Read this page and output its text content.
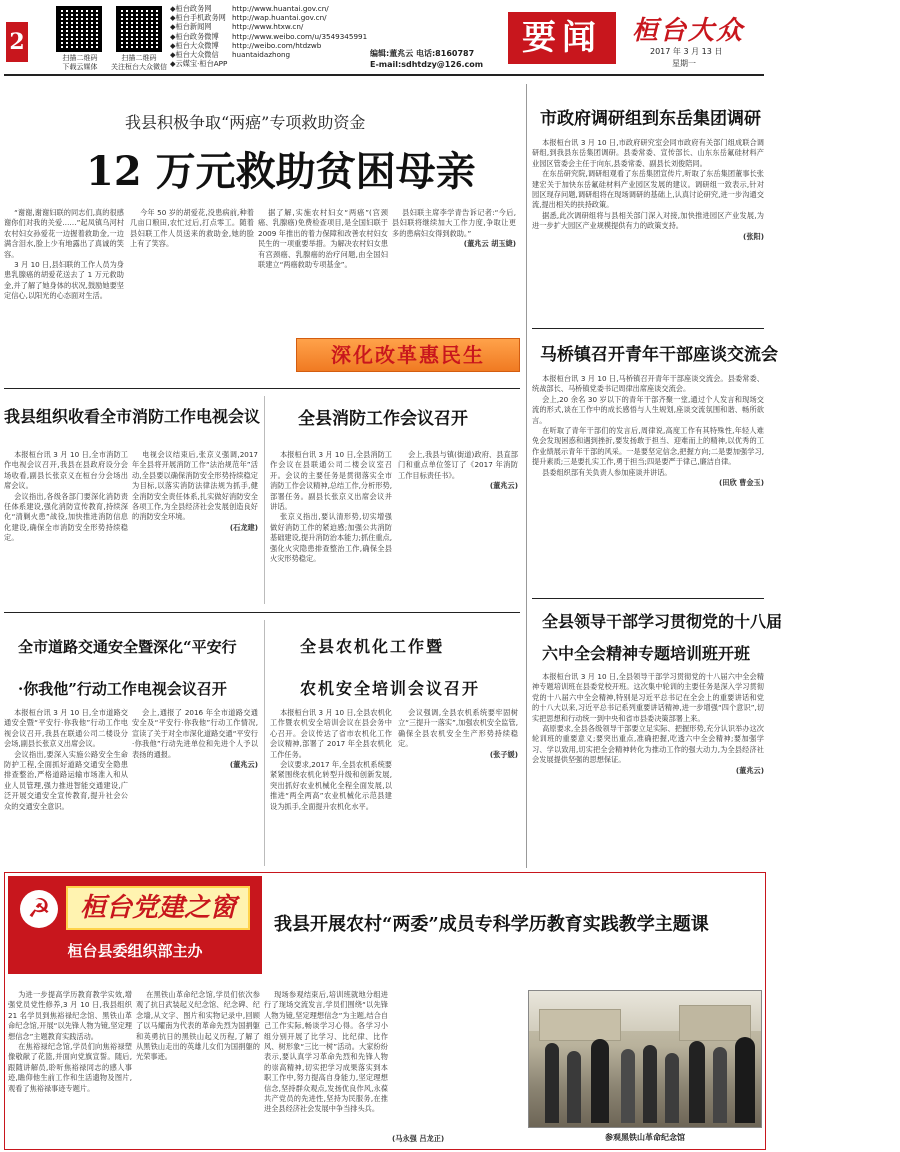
2
扫描二维码
下载云媒体
扫描二维码
关注桓台大众微信
◆桓台政务网	http://www.huantai.gov.cn/
◆桓台手机政务网 http://wap.huantai.gov.cn/
◆桓台新闻网	http://www.htxw.cn/
◆桓台政务微博	http://www.weibo.com/u/3549345991
◆桓台大众微博	http://weibo.com/htdzwb
◆桓台大众微信	huantaidazhong
◆云媒宝·桓台APP
编辑:董兆云 电话:8160787
E-mail:sdhtdzy@126.com
要闻	桓台大众
2017 年 3 月 13 日
星期一
我县积极争取“两癌”专项救助资金
12 万元救助贫困母亲

“谢谢,谢谢妇联的同志们,真的很感谢你们对我的关爱……”起凤镇乌河村农村妇女孙爱花一边握着救助金,一边满含泪水,脸上少有地露出了真诚的笑容。

3 月 10 日,县妇联的工作人员为身患乳腺癌的胡爱花送去了 1 万元救助金,并了解了她身体的状况,鼓励她要坚定信心,以阳光的心态面对生活。

今年 50 岁的胡爱花,没患病前,种着几亩口粮田,农忙过后,打点零工。随着县妇联工作人员送来的救助金,她的脸上有了笑容。

据了解,实施农村妇女“两癌”(宫颈癌、乳腺癌)免费检查项目,是全国妇联于 2009 年推出的着力保障和改善农村妇女民生的一项重要举措。为解决农村妇女患有宫颈癌、乳腺癌的治疗问题,由全国妇联建立“两癌救助专项基金”。

县妇联主席李学青告诉记者:“今后,县妇联将继续加大工作力度,争取让更多的患病妇女得到救助。”

(董兆云 胡玉婕)

深化改革惠民生
我县组织收看全市消防工作电视会议

本报桓台讯 3 月 10 日,全市消防工作电视会议召开,我县在县政府设分会场收看,副县长张京义在桓台分会场出席会议。

会议指出,各级各部门要深化消防责任体系建设,强化消防宣传教育,持续深化“清剿火患”战役,加快推进消防信息化建设,确保全市消防安全形势持续稳定。

电视会议结束后,张京义强调,2017 年全县将开展消防工作“法治规范年”活动,全县要以确保消防安全形势持续稳定为目标,以落实消防法律法规为抓手,健全消防安全责任体系,扎实做好消防安全各项工作,为全县经济社会发展创造良好的消防安全环境。

(石龙建)

全县消防工作会议召开

本报桓台讯 3 月 10 日,全县消防工作会议在县联通公司二楼会议室召开。会议的主要任务是贯彻落实全市消防工作会议精神,总结工作,分析形势,部署任务。副县长张京义出席会议并讲话。

张京义指出,要认清形势,切实增强做好消防工作的紧迫感;加强公共消防基础建设,提升消防治本能力;抓住重点,强化火灾隐患排查整治工作,确保全县火灾形势稳定。

会上,我县与镇(街道)政府、县直部门和重点单位签订了《2017 年消防工作目标责任书》。

(董兆云)

全市道路交通安全暨深化“平安行
·你我他”行动工作电视会议召开

本报桓台讯 3 月 10 日,全市道路交通安全暨“平安行·你我他”行动工作电视会议召开,我县在联通公司二楼设分会场,副县长张京义出席会议。

会议指出,要深入实施公路安全生命防护工程,全面抓好道路交通安全隐患排查整治,严格道路运输市场准入和从业人员管理,强力推进智能交通建设,广泛开展交通安全宣传教育,提升社会公众的交通安全意识。

会上,通报了 2016 年全市道路交通安全及“平安行·你我他”行动工作情况,宣读了关于对全市深化道路交通“平安行·你我他”行动先进单位和先进个人予以表扬的通报。

(董兆云)

全县农机化工作暨
农机安全培训会议召开

本报桓台讯 3 月 10 日,全县农机化工作暨农机安全培训会议在县会务中心召开。会议传达了省市农机化工作会议精神,部署了 2017 年全县农机化工作任务。

会议要求,2017 年,全县农机系统要紧紧围绕农机化转型升级和创新发展,突出抓好农业机械化全程全面发展,以推进“两全两高”农业机械化示范县建设为抓手,全面提升农机化水平。

会议强调,全县农机系统要牢固树立“三提升一落实”,加强农机安全监管,确保全县农机安全生产形势持续稳定。

(张子媛)

市政府调研组到东岳集团调研

本报桓台讯 3 月 10 日,市政府研究室会同市政府有关部门组成联合调研组,到我县东岳集团调研。县委常委、宣传部长、山东东岳氟硅材料产业园区管委会主任于向东,县委常委、副县长刘俊陪同。

在东岳研究院,调研组观看了东岳集团宣传片,听取了东岳集团董事长张建宏关于加快东岳氟硅材料产业园区发展的建议。调研组一致表示,针对园区现存问题,调研组将在现场调研的基础上,认真讨论研究,进一步沟通交流,提出相关的扶持政策。

据悉,此次调研组将与县相关部门深入对接,加快推进园区产业发展,为进一步扩大园区产业规模提供有力的政策支持。

(张阳)

马桥镇召开青年干部座谈交流会

本报桓台讯 3 月 10 日,马桥镇召开青年干部座谈交流会。县委常委、统战部长、马桥镇党委书记周律出席座谈交流会。

会上,20 余名 30 岁以下的青年干部齐聚一堂,通过个人发言和现场交流的形式,谈在工作中的成长感悟与人生规划,座谈交流氛围和谐、畅所欲言。

在听取了青年干部们的发言后,周律说,高度工作有其特殊性,年轻人难免会发现困惑和遇到挫折,要发扬敢于担当、迎难而上的精神,以优秀的工作业绩展示青年干部的风采。一是要坚定信念,把握方向;二是要加强学习,提升素质;三是要扎实工作,勇于担当;四是要严于律己,廉洁自律。

县委组织部有关负责人参加座谈并讲话。

(田欣 曹金玉)

全县领导干部学习贯彻党的十八届
六中全会精神专题培训班开班

本报桓台讯 3 月 10 日,全县领导干部学习贯彻党的十八届六中全会精神专题培训班在县委党校开班。这次集中轮训的主要任务是深入学习贯彻党的十八届六中全会精神,特别是习近平总书记在全会上的重要讲话和党的十八大以来,习近平总书记系列重要讲话精神,进一步增强“四个意识”,切实把思想和行动统一到中央和省市县委决策部署上来。

高原要求,全县各级领导干部要立足实际、把握形势,充分认识举办这次轮训班的重要意义;要突出重点,准确把握,吃透六中全会精神;要加强学习、学以致用,切实把全会精神转化为推动工作的强大动力,为全县经济社会发展提供坚强的思想保证。

(董兆云)

☭	桓台党建之窗
桓台县委组织部主办
我县开展农村“两委”成员专科学历教育实践教学主题课

为进一步提高学历教育教学实效,增强党员党性修养,3 月 10 日,我县组织 21 名学员到焦裕禄纪念馆、黑铁山革命纪念馆,开展“以先锋人物为镜,坚定理想信念”主题教育实践活动。

在焦裕禄纪念馆,学员们向焦裕禄塑像敬献了花篮,并面向党旗宣誓。随后,跟随讲解员,聆听焦裕禄同志的感人事迹,瞻仰他生前工作和生活遗物及图片,观看了焦裕禄事迹专题片。

在黑铁山革命纪念馆,学员们依次参观了抗日武装起义纪念馆、纪念碑、纪念墙,从文字、图片和实物记录中,回顾了以马耀南为代表的革命先烈为国捐躯和英勇抗日的黑铁山起义历程,了解了从黑铁山走出的英雄儿女们为国捐躯的光荣事迹。

现场参观结束后,培训班就地分组进行了现场交流发言,学员们围绕“以先锋人物为镜,坚定理想信念”为主题,结合自己工作实际,畅谈学习心得。各学习小组分别开展了比学习、比纪律、比作风、树形象“三比一树”活动。大家纷纷表示,要认真学习革命先烈和先锋人物的崇高精神,切实把学习成果落实到本职工作中,努力提高自身能力,坚定理想信念,坚持群众观点,发扬优良作风,永葆共产党员的先进性,坚持为民服务,在推进全县经济社会发展中争当排头兵。

(马永强 吕龙正)	参观黑铁山革命纪念馆
